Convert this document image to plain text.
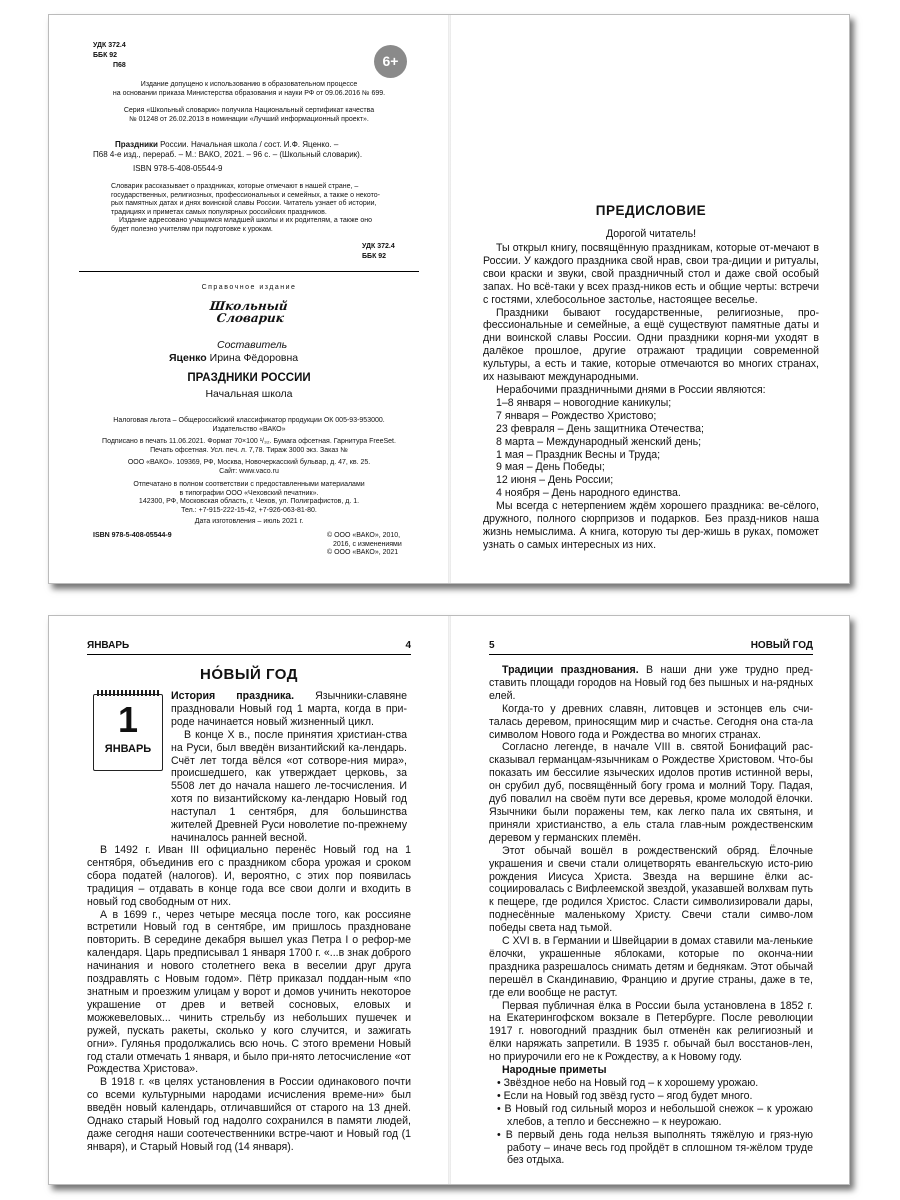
УДК 372.4
ББК 92
П68	6+
Издание допущено к использованию в образовательном процессе
на основании приказа Министерства образования и науки РФ от 09.06.2016 № 699.
Серия «Школьный словарик» получила Национальный сертификат качества
№ 01248 от 26.02.2013 в номинации «Лучший информационный проект».
Праздники России. Начальная школа / сост. И.Ф. Яценко. –
П68 4-е изд., перераб. – М.: ВАКО, 2021. – 96 с. – (Школьный словарик).
ISBN 978-5-408-05544-9
Словарик рассказывает о праздниках, которые отмечают в нашей стране, –
государственных, религиозных, профессиональных и семейных, а также о некото-
рых памятных датах и днях воинской славы России. Читатель узнает об истории,
традициях и приметах самых популярных российских праздников.
Издание адресовано учащимся младшей школы и их родителям, а также оно
будет полезно учителям при подготовке к урокам.
УДК 372.4
ББК 92
Справочное издание
Школьный
Словарик
Составитель
Яценко Ирина Фёдоровна
ПРАЗДНИКИ РОССИИ
Начальная школа
Налоговая льгота – Общероссийский классификатор продукции ОК 005-93-953000.
Издательство «ВАКО»
Подписано в печать 11.06.2021. Формат 70×100 ¹/₃₂. Бумага офсетная. Гарнитура FreeSet.
Печать офсетная. Усл. печ. л. 7,78. Тираж 3000 экз. Заказ №
ООО «ВАКО». 109369, РФ, Москва, Новочеркасский бульвар, д. 47, кв. 25.
Сайт: www.vaco.ru
Отпечатано в полном соответствии с предоставленными материалами
в типографии ООО «Чеховский печатник».
142300, РФ, Московская область, г. Чехов, ул. Полиграфистов, д. 1.
Тел.: +7-915-222-15-42, +7-926-063-81-80.
Дата изготовления – июль 2021 г.
ISBN 978-5-408-05544-9	© ООО «ВАКО», 2010,
2016, с изменениями
© ООО «ВАКО», 2021
ПРЕДИСЛОВИЕ
Дорогой читатель!

Ты открыл книгу, посвящённую праздникам, которые от-мечают в России. У каждого праздника свой нрав, свои тра-диции и ритуалы, свои краски и звуки, свой праздничный стол и даже свой особый запах. Но всё-таки у всех празд-ников есть и общие черты: встречи с гостями, хлебосольное застолье, настоящее веселье.

Праздники бывают государственные, религиозные, про-фессиональные и семейные, а ещё существуют памятные даты и дни воинской славы России. Одни праздники корня-ми уходят в далёкое прошлое, другие отражают традиции современной культуры, а есть и такие, которые отмечаются во многих странах, их называют международными.

Нерабочими праздничными днями в России являются:

1–8 января – новогодние каникулы;

7 января – Рождество Христово;

23 февраля – День защитника Отечества;

8 марта – Международный женский день;

1 мая – Праздник Весны и Труда;

9 мая – День Победы;

12 июня – День России;

4 ноября – День народного единства.

Мы всегда с нетерпением ждём хорошего праздника: ве-сёлого, дружного, полного сюрпризов и подарков. Без празд-ников наша жизнь немыслима. А книга, которую ты дер-жишь в руках, поможет узнать о самых интересных из них.

ЯНВАРЬ	4
НО́ВЫЙ ГОД
1
ЯНВАРЬ

История праздника. Язычники-славяне праздновали Новый год 1 марта, когда в при-роде начинается новый жизненный цикл.

В конце X в., после принятия христиан-ства на Руси, был введён византийский ка-лендарь. Счёт лет тогда вёлся «от сотворе-ния мира», происшедшего, как утверждает церковь, за 5508 лет до начала нашего ле-тосчисления. И хотя по византийскому ка-лендарю Новый год наступал 1 сентября, для большинства жителей Древней Руси новолетие по-прежнему начиналось ранней весной.

В 1492 г. Иван III официально перенёс Новый год на 1 сентября, объединив его с праздником сбора урожая и сроком сбора податей (налогов). И, вероятно, с этих пор появилась традиция – отдавать в конце года все свои долги и входить в новый год свободным от них.

А в 1699 г., через четыре месяца после того, как россияне встретили Новый год в сентябре, им пришлось праздноване повторить. В середине декабря вышел указ Петра I о рефор-ме календаря. Царь предписывал 1 января 1700 г. «...в знак доброго начинания и нового столетнего века в веселии друг друга поздравлять с Новым годом». Пётр приказал поддан-ным «по знатным и проезжим улицам у ворот и домов учинить некоторое украшение от древ и ветвей сосновых, еловых и можжевеловых... чинить стрельбу из небольших пушечек и ружей, пускать ракеты, сколько у кого случится, и зажигать огни». Гулянья продолжались всю ночь. С этого времени Новый год стали отмечать 1 января, и было при-нято летосчисление «от Рождества Христова».

В 1918 г. «в целях установления в России одинакового почти со всеми культурными народами исчисления време-ни» был введён новый календарь, отличавшийся от старого на 13 дней. Однако старый Новый год надолго сохранился в памяти людей, даже сегодня наши соотечественники встре-чают и Новый год (1 января), и Старый Новый год (14 января).

5	НОВЫЙ ГОД

Традиции празднования. В наши дни уже трудно пред-ставить площади городов на Новый год без пышных и на-рядных елей.

Когда-то у древних славян, литовцев и эстонцев ель счи-талась деревом, приносящим мир и счастье. Сегодня она ста-ла символом Нового года и Рождества во многих странах.

Согласно легенде, в начале VIII в. святой Бонифаций рас-сказывал германцам-язычникам о Рождестве Христовом. Что-бы показать им бессилие языческих идолов против истинной веры, он срубил дуб, посвящённый богу грома и молний Тору. Падая, дуб повалил на своём пути все деревья, кроме молодой ёлочки. Язычники были поражены тем, как легко пала их святыня, и приняли христианство, а ель стала глав-ным рождественским деревом у германских племён.

Этот обычай вошёл в рождественский обряд. Ёлочные украшения и свечи стали олицетворять евангельскую исто-рию рождения Иисуса Христа. Звезда на вершине ёлки ас-социировалась с Вифлеемской звездой, указавшей волхвам путь к пещере, где родился Христос. Сласти символизировали дары, поднесённые маленькому Христу. Свечи стали симво-лом победы света над тьмой.

С XVI в. в Германии и Швейцарии в домах ставили ма-ленькие ёлочки, украшенные яблоками, которые по оконча-нии праздника разрешалось снимать детям и беднякам. Этот обычай перешёл в Скандинавию, Францию и другие страны, даже в те, где ели вообще не растут.

Первая публичная ёлка в России была установлена в 1852 г. на Екатерингофском вокзале в Петербурге. После революции 1917 г. новогодний праздник был отменён как религиозный и ёлки наряжать запретили. В 1935 г. обычай был восстанов-лен, но приурочили его не к Рождеству, а к Новому году.

Народные приметы

• Звёздное небо на Новый год – к хорошему урожаю.

• Если на Новый год звёзд густо – ягод будет много.

• В Новый год сильный мороз и небольшой снежок – к урожаю хлебов, а тепло и бесснежно – к неурожаю.

• В первый день года нельзя выполнять тяжёлую и гряз-ную работу – иначе весь год пройдёт в сплошном тя-жёлом труде без отдыха.
